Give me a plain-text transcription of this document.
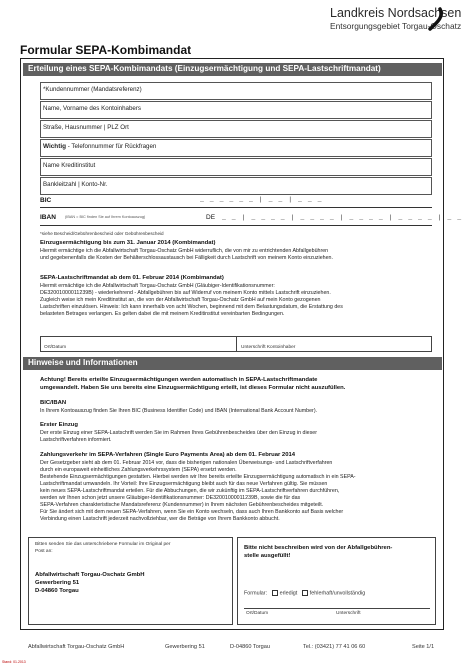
Landkreis Nordsachsen
Entsorgungsgebiet Torgau-Oschatz
Formular SEPA-Kombimandat
Erteilung eines SEPA-Kombimandats (Einzugsermächtigung und SEPA-Lastschriftmandat)
*Kundennummer (Mandatsreferenz)
Name, Vorname des Kontoinhabers
Straße, Hausnummer | PLZ Ort
Wichtig - Telefonnummer für Rückfragen
Name Kreditinstitut
Bankleitzahl | Konto-Nr.
BIC	_ _ _ _ _ _ | _ _ | _ _ _
IBAN (IBAN = BIC finden Sie auf Ihrem Kontoauszug)	DE _ _ | _ _ _ _ | _ _ _ _ | _ _ _ _ | _ _ _ _ | _ _
*siehe Bescheid/Gebührenbescheid oder Gebührenbescheid
Einzugsermächtigung bis zum 31. Januar 2014 (Kombimandat)
Hiermit ermächtige ich die Abfallwirtschaft Torgau-Oschatz GmbH widerruflich, die von mir zu entrichtenden Abfallgebühren
und gegebenenfalls die Kosten der Behälterschlossaustausch bei Fälligkeit durch Lastschrift von meinem Konto einzuziehen.
SEPA-Lastschriftmandat ab dem 01. Februar 2014 (Kombimandat)
Hiermit ermächtige ich die Abfallwirtschaft Torgau-Oschatz GmbH (Gläubiger-Identifikationsnummer:
DE32001000011239B) - wiederkehrend - Abfallgebühren bis auf Widerruf von meinem Konto mittels Lastschrift einzuziehen.
Zugleich weise ich mein Kreditinstitut an, die von der Abfallwirtschaft Torgau-Oschatz GmbH auf mein Konto gezogenen
Lastschriften einzulösen. Hinweis: Ich kann innerhalb von acht Wochen, beginnend mit dem Belastungsdatum, die Erstattung des
belasteten Betrages verlangen. Es gelten dabei die mit meinem Kreditinstitut vereinbarten Bedingungen.
Ort/Datum	Unterschrift Kontoinhaber
Hinweise und Informationen
Achtung! Bereits erteilte Einzugsermächtigungen werden automatisch in SEPA-Lastschriftmandate
umgewandelt. Haben Sie uns bereits eine Einzugsermächtigung erteilt, ist dieses Formular nicht auszufüllen.
BIC/IBAN
In Ihrem Kontoauszug finden Sie Ihren BIC (Business Identifier Code) und IBAN (International Bank Account Number).
Erster Einzug
Der erste Einzug einer SEPA-Lastschrift werden Sie im Rahmen Ihres Gebührenbescheides über den Einzug in dieser
Lastschriftverfahren informiert.
Zahlungsverkehr im SEPA-Verfahren (Single Euro Payments Area) ab dem 01. Februar 2014
Der Gesetzgeber sieht ab dem 01. Februar 2014 vor, dass die bisherigen nationalen Überweisungs- und Lastschriftverfahren
durch ein europaweit einheitliches Zahlungsverkehrssystem (SEPA) ersetzt werden.
Bestehende Einzugsermächtigungen gestatten. Hierbei werden wir Ihre bereits erteilte Einzugsermächtigung automatisch in ein SEPA-
Lastschriftmandat umwandeln. Ihr Vorteil: Ihre Einzugsermächtigung bleibt auch für das neue Verfahren gültig. Sie müssen
kein neues SEPA-Lastschriftmandat erteilen. Für die Abbuchungen, die wir zukünftig im SEPA-Lastschriftverfahren durchführen,
werden wir Ihnen schon jetzt unsere Gläubiger-Identifikationsnummer: DE32001000011239B, sowie die für das
SEPA-Verfahren charakteristische Mandatsreferenz (Kundennummer) in Ihrem nächsten Gebührenbescheides mitgeteilt.
Für Sie ändert sich mit dem neuen SEPA-Verfahren, wenn Sie ein Konto wechseln, dass auch Ihren Bankkonto auf Basis welcher
Verbindung einen Lastschrift jederzeit nachvollziehbar, wer die Beträge von Ihrem Bankkonto abbucht.
Bitten senden Sie das unterschriebene Formular im Original per
Post an:
Abfallwirtschaft Torgau-Oschatz GmbH
Gewerbering 51
D-04860 Torgau
Bitte nicht beschreiben wird von der Abfallgebühren-
stelle ausgefüllt!
Formular: erledigt fehlerhaft/unvollständig
Ort/Datum	Unterschrift
Abfallwirtschaft Torgau-Oschatz GmbH	Gewerbering 51	D-04860 Torgau	Tel.: (03421) 77 41 06 60	Seite 1/1
Stand: 01.2013
